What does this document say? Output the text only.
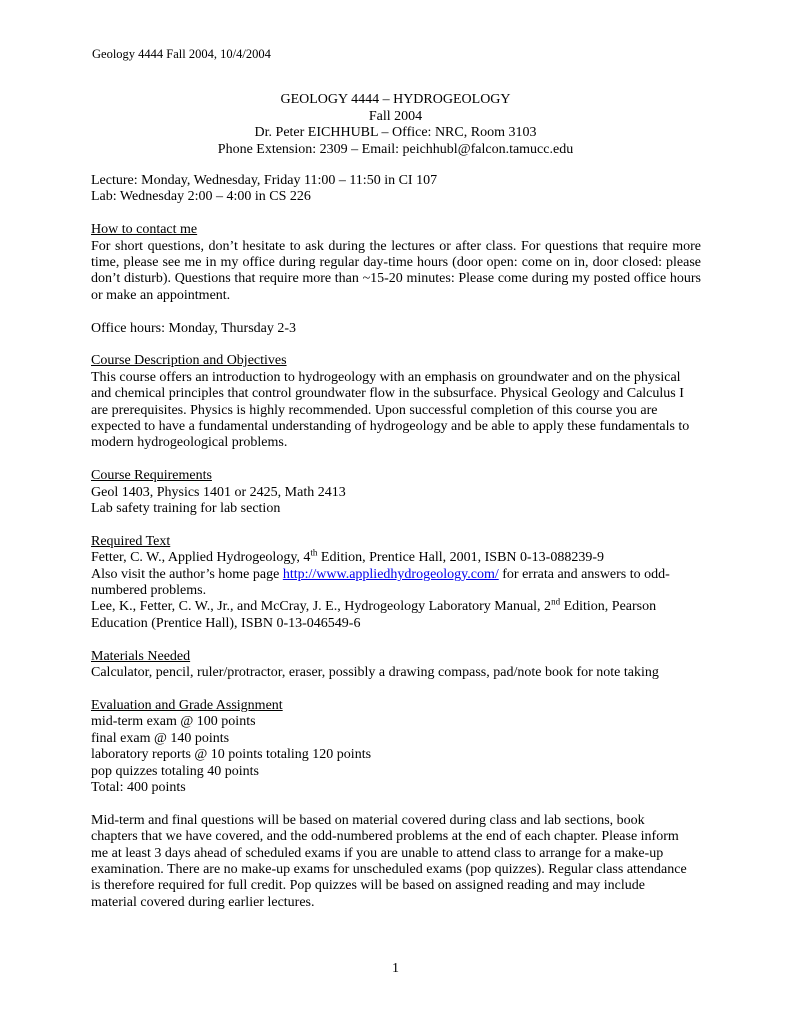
Geology 4444 Fall 2004, 10/4/2004
GEOLOGY 4444 – HYDROGEOLOGY
Fall 2004
Dr. Peter EICHHUBL – Office: NRC, Room 3103
Phone Extension: 2309 – Email: peichhubl@falcon.tamucc.edu

Lecture: Monday, Wednesday, Friday 11:00 – 11:50 in CI 107

Lab: Wednesday 2:00 – 4:00 in CS 226

How to contact me

For short questions, don’t hesitate to ask during the lectures or after class. For questions that require more time, please see me in my office during regular day-time hours (door open: come on in, door closed: please don’t disturb). Questions that require more than ~15-20 minutes: Please come during my posted office hours or make an appointment.

Office hours: Monday, Thursday 2-3

Course Description and Objectives

This course offers an introduction to hydrogeology with an emphasis on groundwater and on the physical

and chemical principles that control groundwater flow in the subsurface. Physical Geology and Calculus I

are prerequisites. Physics is highly recommended. Upon successful completion of this course you are

expected to have a fundamental understanding of hydrogeology and be able to apply these fundamentals to

modern hydrogeological problems.

Course Requirements

Geol 1403, Physics 1401 or 2425, Math 2413

Lab safety training for lab section

Required Text

Fetter, C. W., Applied Hydrogeology, 4th Edition, Prentice Hall, 2001, ISBN 0-13-088239-9

Also visit the author’s home page http://www.appliedhydrogeology.com/ for errata and answers to odd-

numbered problems.

Lee, K., Fetter, C. W., Jr., and McCray, J. E., Hydrogeology Laboratory Manual, 2nd Edition, Pearson

Education (Prentice Hall), ISBN 0-13-046549-6

Materials Needed

Calculator, pencil, ruler/protractor, eraser, possibly a drawing compass, pad/note book for note taking

Evaluation and Grade Assignment

mid-term exam @ 100 points

final exam @ 140 points

laboratory reports @ 10 points totaling 120 points

pop quizzes totaling 40 points

Total: 400 points

Mid-term and final questions will be based on material covered during class and lab sections, book

chapters that we have covered, and the odd-numbered problems at the end of each chapter. Please inform

me at least 3 days ahead of scheduled exams if you are unable to attend class to arrange for a make-up

examination. There are no make-up exams for unscheduled exams (pop quizzes). Regular class attendance

is therefore required for full credit. Pop quizzes will be based on assigned reading and may include

material covered during earlier lectures.

1
